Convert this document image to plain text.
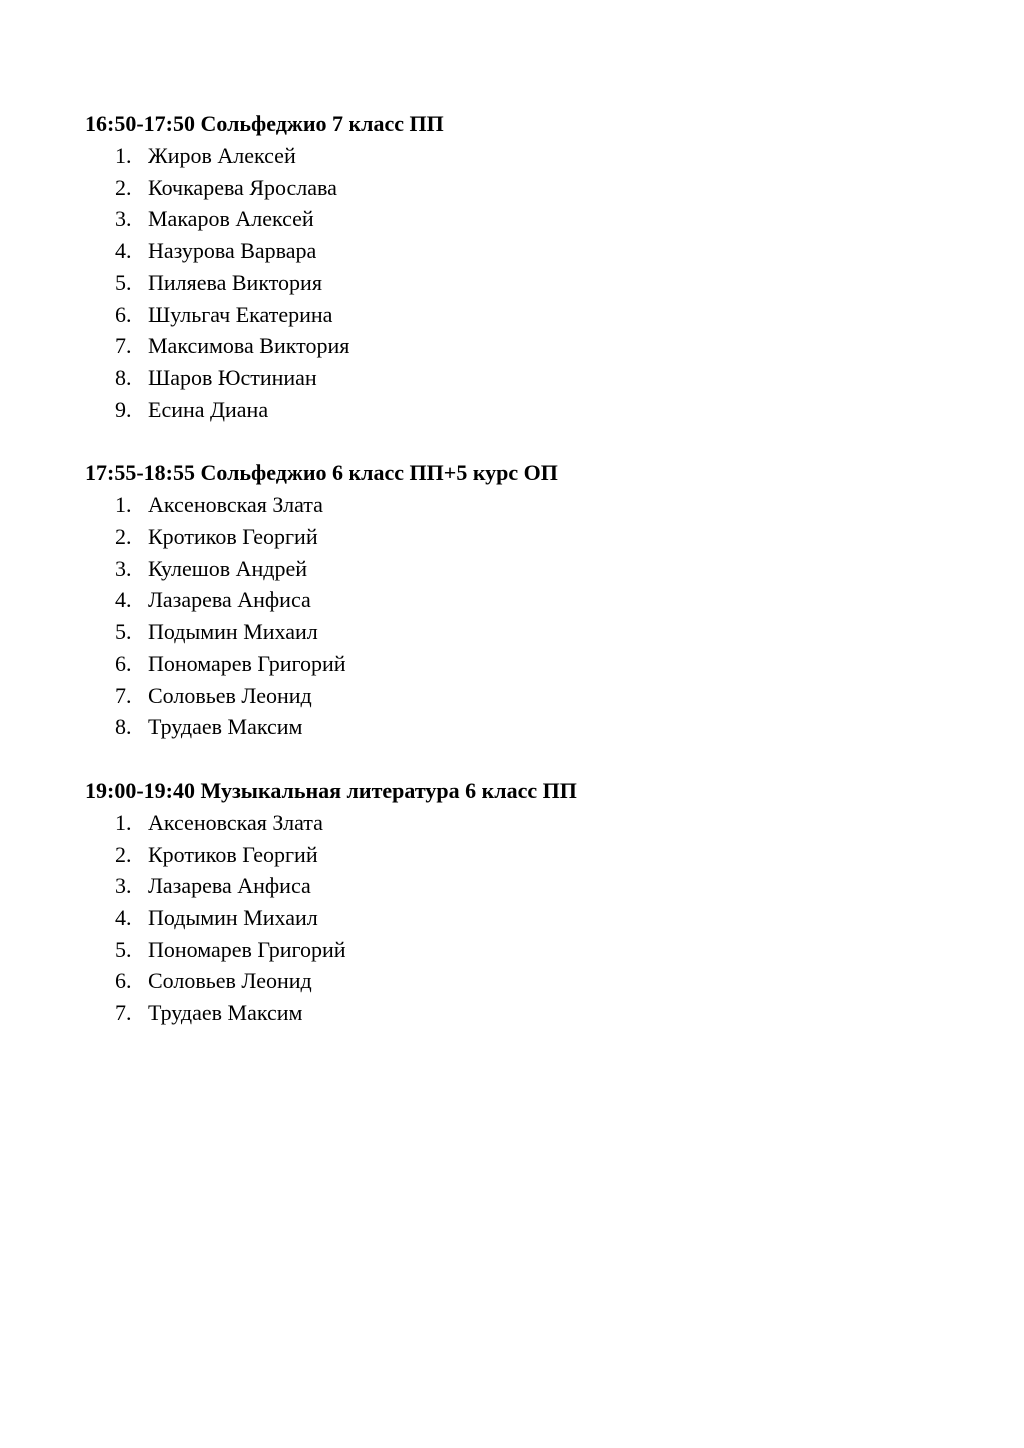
16:50-17:50 Сольфеджио 7 класс ПП
Жиров Алексей
Кочкарева Ярослава
Макаров Алексей
Назурова Варвара
Пиляева Виктория
Шульгач Екатерина
Максимова Виктория
Шаров Юстиниан
Есина Диана
17:55-18:55 Сольфеджио 6 класс ПП+5 курс ОП
Аксеновская Злата
Кротиков Георгий
Кулешов Андрей
Лазарева Анфиса
Подымин Михаил
Пономарев Григорий
Соловьев Леонид
Трудаев Максим
19:00-19:40 Музыкальная литература 6 класс ПП
Аксеновская Злата
Кротиков Георгий
Лазарева Анфиса
Подымин Михаил
Пономарев Григорий
Соловьев Леонид
Трудаев Максим
